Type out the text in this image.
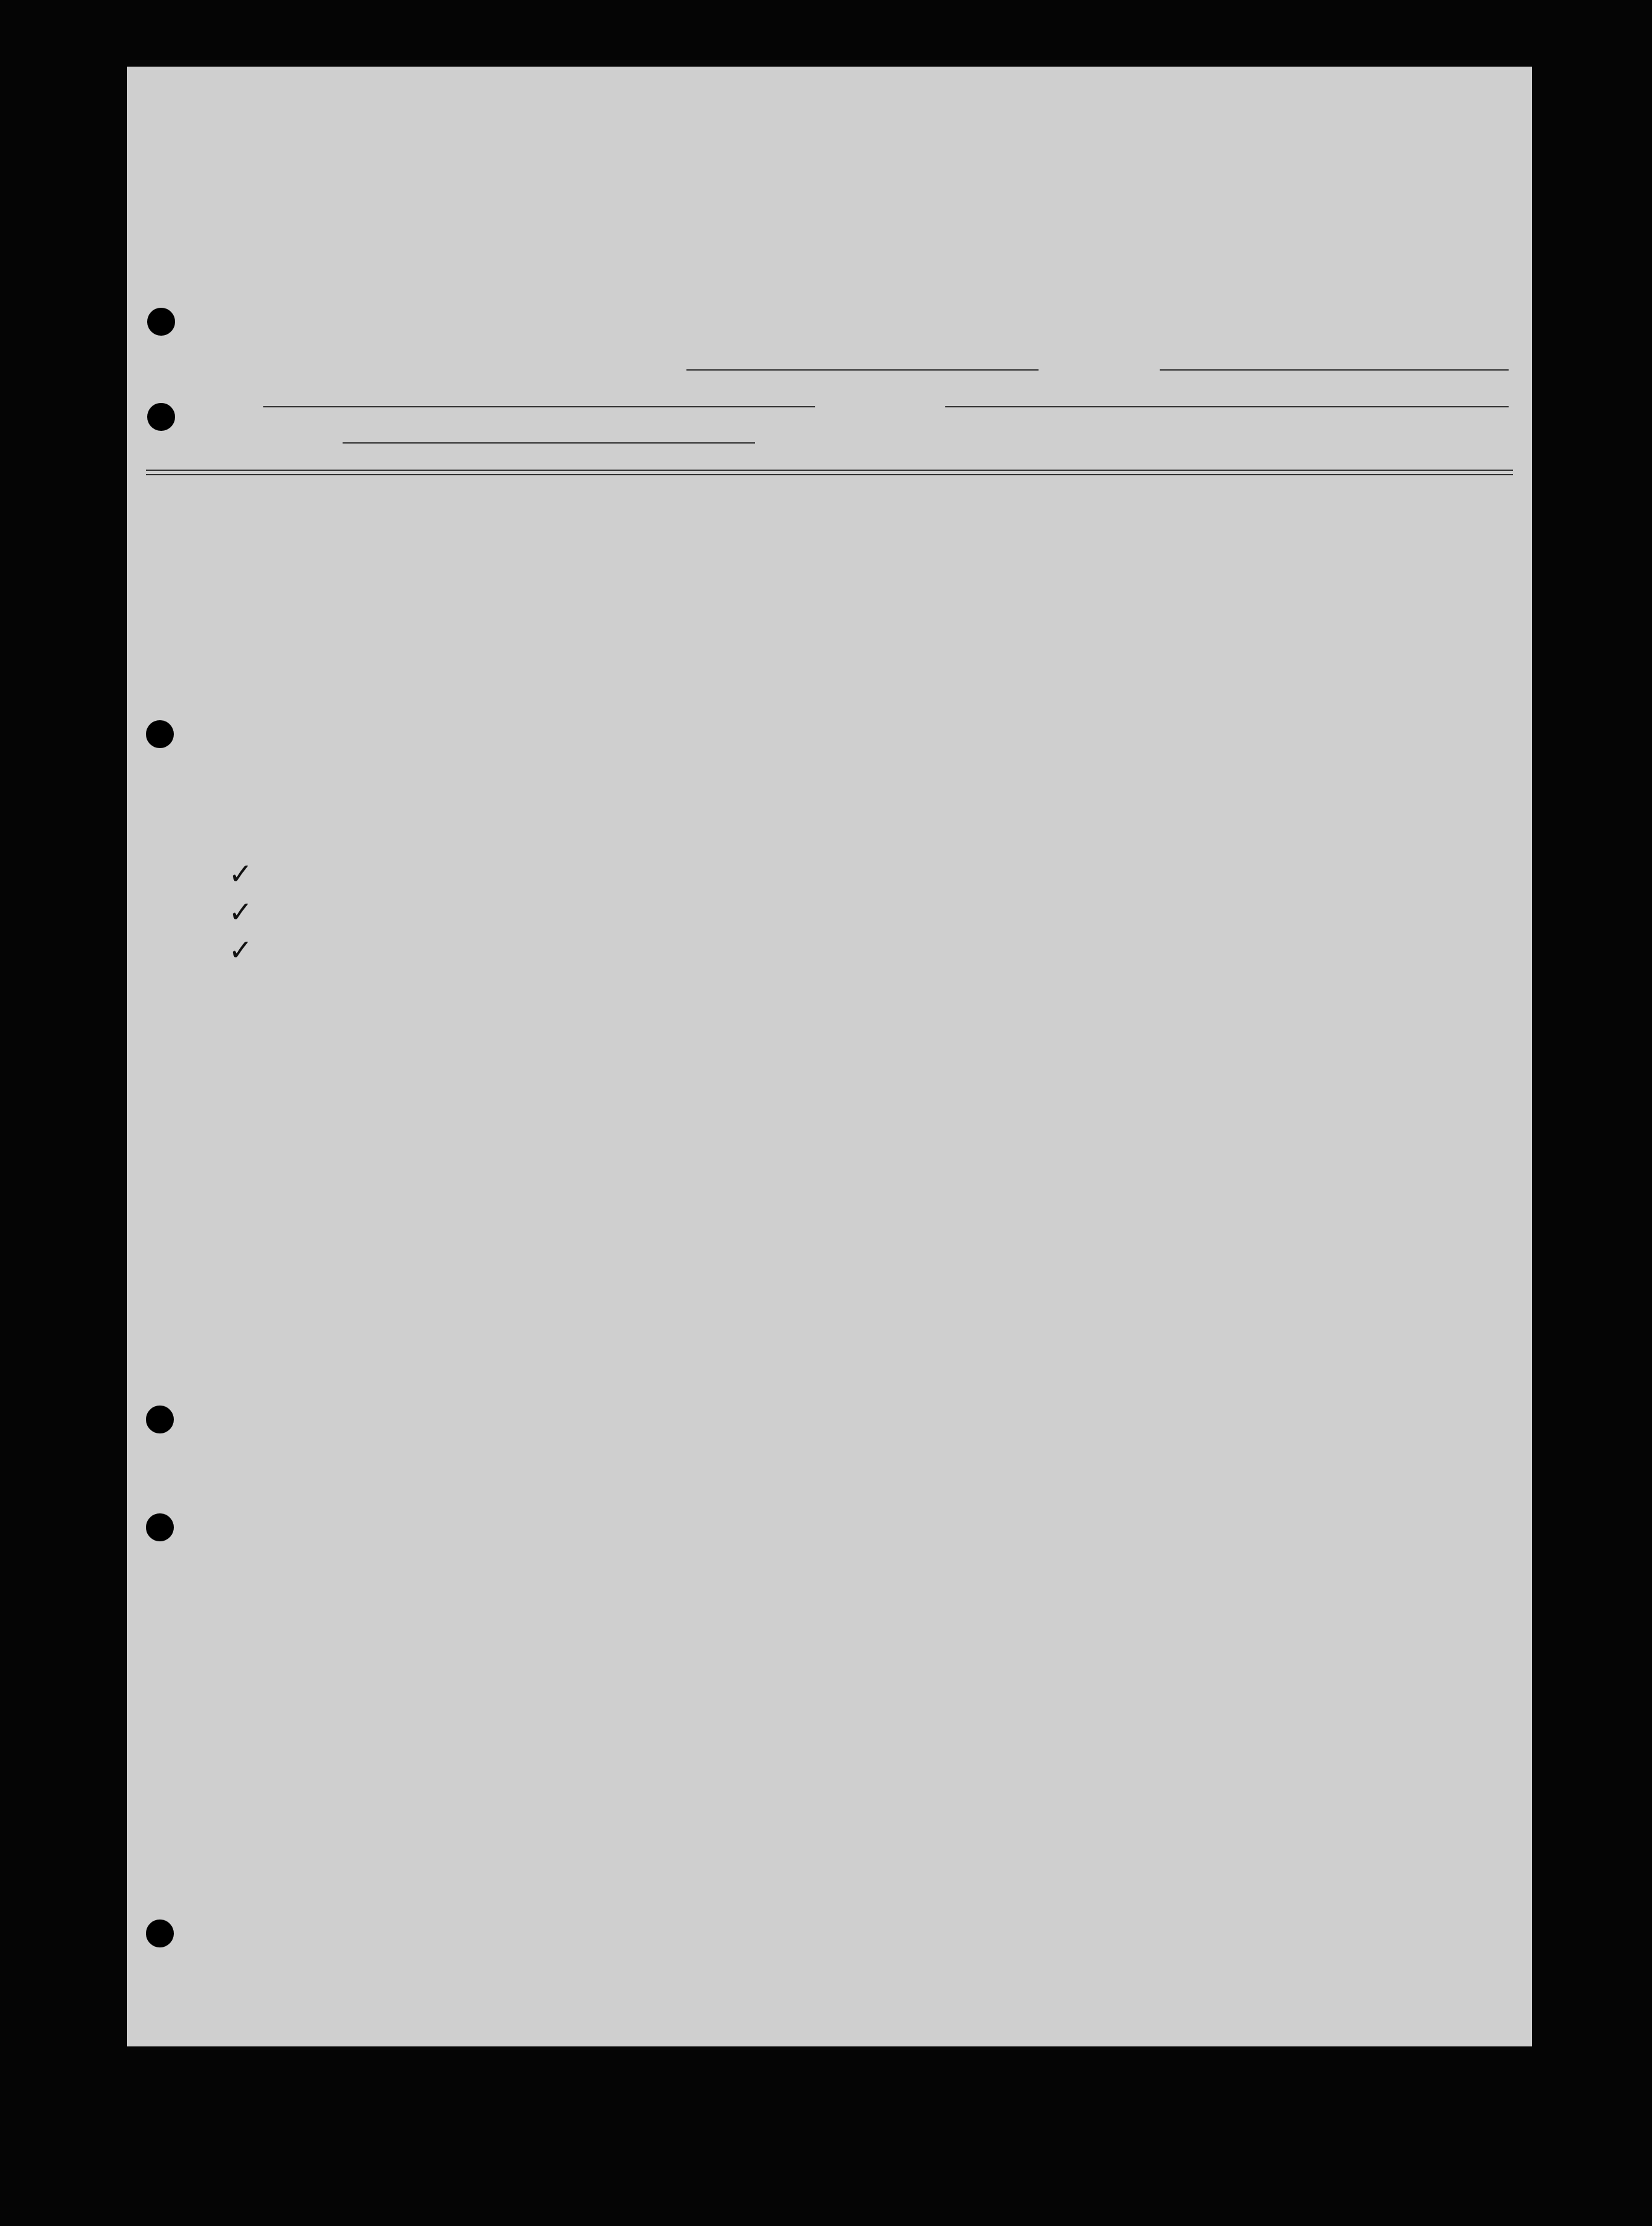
✓
✓
✓
